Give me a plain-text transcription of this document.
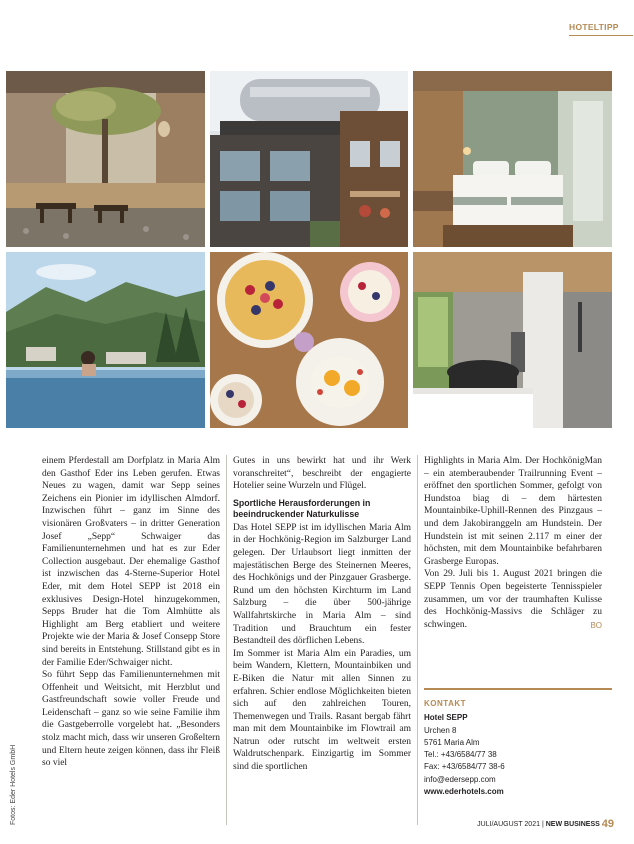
HOTELTIPP
Fotos: Eder Hotels GmbH

einem Pferdestall am Dorfplatz in Maria Alm den Gasthof Eder ins Leben gerufen. Etwas Neues zu wagen, damit war Sepp seines Zeichens ein Pionier im idyllischen Almdorf. Inzwischen führt – ganz im Sinne des visionären Großvaters – in dritter Generation Josef „Sepp“ Schwaiger das Familienunternehmen und hat es zur Eder Collection ausgebaut. Der ehemalige Gasthof ist inzwischen das 4-Sterne-Superior Hotel Eder, mit dem Hotel SEPP ist 2018 ein exklusives Design-Hotel hinzugekommen, Sepps Bruder hat die Tom Almhütte als Highlight am Berg etabliert und weitere Projekte wie der Maria & Josef Consepp Store sind bereits in Entstehung. Stillstand gibt es in der Familie Eder/Schwaiger nicht.

So führt Sepp das Familienunternehmen mit Offenheit und Weitsicht, mit Herzblut und Gastfreundschaft sowie voller Freude und Leidenschaft – ganz so wie seine Familie ihm die Gastgeberrolle vorgelebt hat. „Besonders stolz macht mich, dass wir unseren Großeltern und Eltern heute zeigen können, dass ihr Fleiß so viel

Gutes in uns bewirkt hat und ihr Werk voranschreitet“, beschreibt der engagierte Hotelier seine Wurzeln und Flügel.

Sportliche Herausforderungen in beeindruckender Naturkulisse

Das Hotel SEPP ist im idyllischen Maria Alm in der Hochkönig-Region im Salzburger Land gelegen. Der Urlaubsort liegt inmitten der majestätischen Berge des Steinernen Meeres, des Hochkönigs und der Pinzgauer Grasberge. Rund um den höchsten Kirchturm im Land Salzburg – die über 500-jährige Wallfahrtskirche in Maria Alm – sind Tradition und Brauchtum ein fester Bestandteil des dörflichen Lebens.

Im Sommer ist Maria Alm ein Paradies, um beim Wandern, Klettern, Mountainbiken und E-Biken die Natur mit allen Sinnen zu erfahren. Schier endlose Möglichkeiten bieten sich auf den zahlreichen Touren, Themenwegen und Trails. Rasant bergab fährt man mit dem Mountainbike im Flowtrail am Natrun oder rutscht im weltweit ersten Waldrutschenpark. Einzigartig im Sommer sind die sportlichen

Highlights in Maria Alm. Der HochkönigMan – ein atemberaubender Trailrunning Event – eröffnet den sportlichen Sommer, gefolgt von Hundstoa biag di – dem härtesten Mountainbike-Uphill-Rennen des Pinzgaus – und dem Jakobiranggeln am Hundstein. Der Hundstein ist mit seinen 2.117 m einer der höchsten, mit dem Mountainbike befahrbaren Grasberge Europas.

Von 29. Juli bis 1. August 2021 bringen die SEPP Tennis Open begeisterte Tennisspieler zusammen, um vor der traumhaften Kulisse des Hochkönig-Massivs die Schläger zu schwingen.	BO

KONTAKT
Hotel SEPP
Urchen 8
5761 Maria Alm
Tel.: +43/6584/77 38
Fax: +43/6584/77 38-6
info@edersepp.com
www.ederhotels.com
JULI/AUGUST 2021 | NEW BUSINESS 49
